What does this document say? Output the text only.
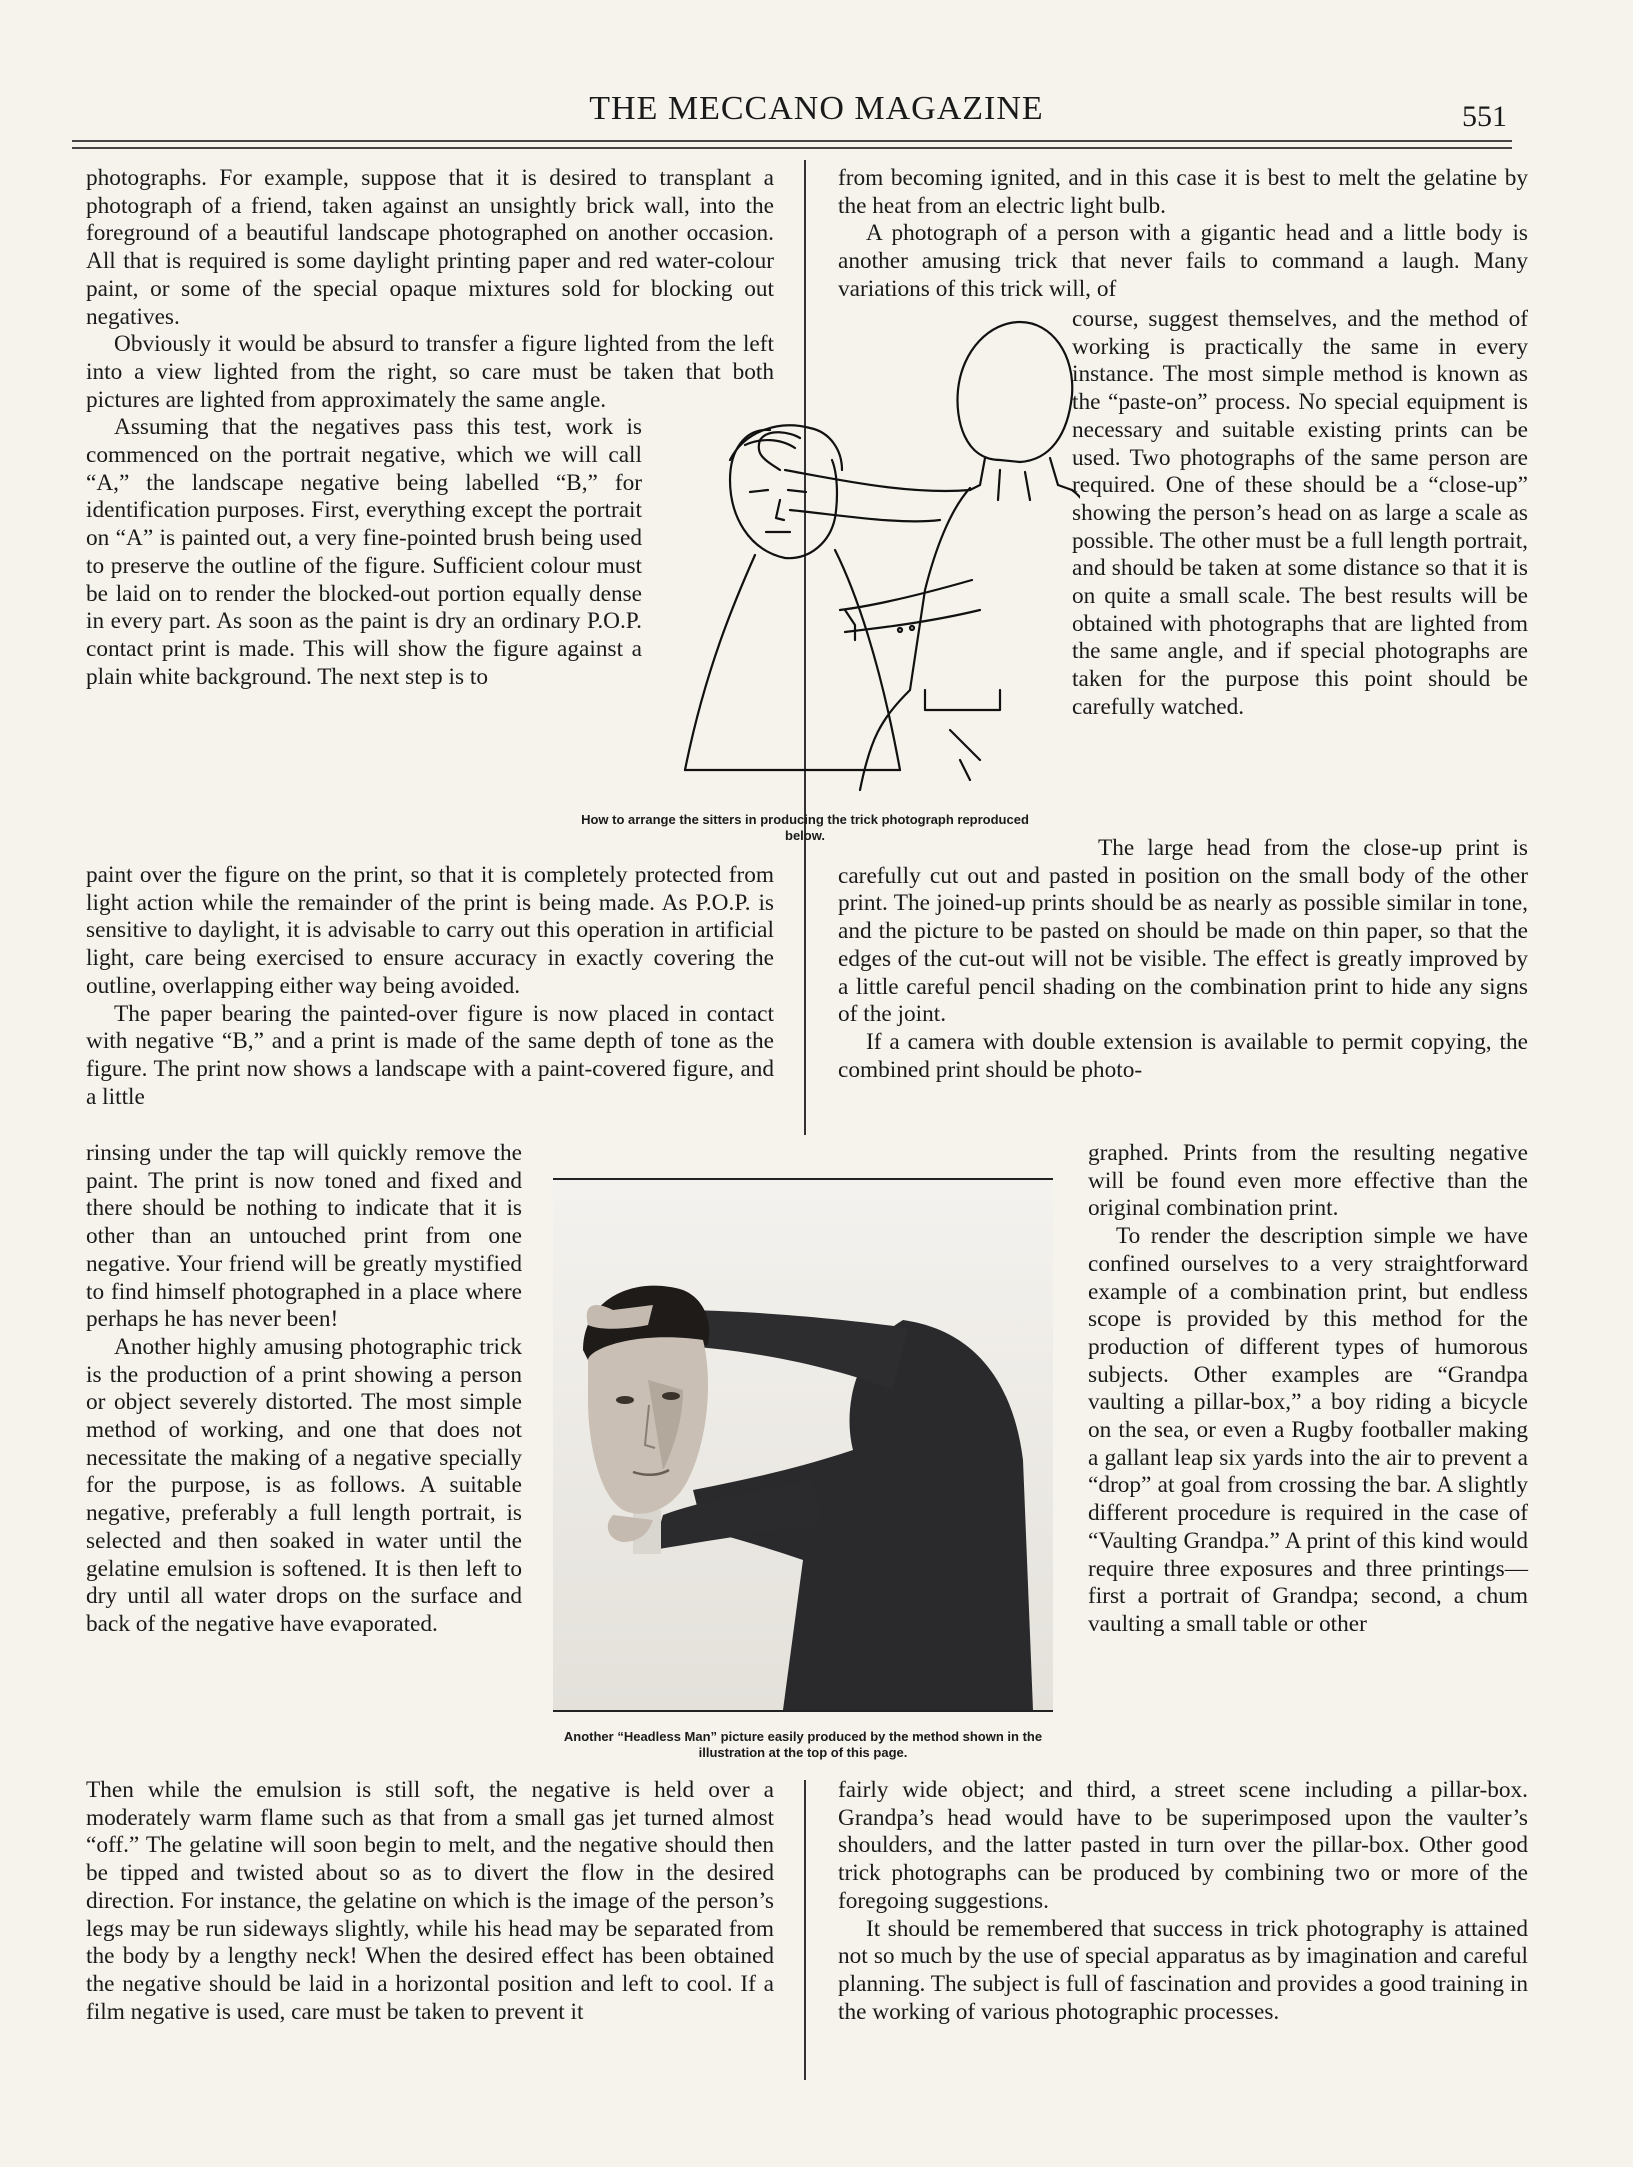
THE MECCANO MAGAZINE	551

photographs. For example, suppose that it is desired to transplant a photograph of a friend, taken against an unsightly brick wall, into the foreground of a beautiful landscape photographed on another occasion. All that is required is some daylight printing paper and red water-colour paint, or some of the special opaque mixtures sold for blocking out negatives.

Obviously it would be absurd to transfer a figure lighted from the left into a view lighted from the right, so care must be taken that both pictures are lighted from approximately the same angle.

Assuming that the negatives pass this test, work is commenced on the portrait negative, which we will call “A,” the landscape negative being labelled “B,” for identification purposes. First, everything except the portrait on “A” is painted out, a very fine-pointed brush being used to preserve the outline of the figure. Sufficient colour must be laid on to render the blocked-out portion equally dense in every part. As soon as the paint is dry an ordinary P.O.P. contact print is made. This will show the figure against a plain white background. The next step is to

paint over the figure on the print, so that it is completely protected from light action while the remainder of the print is being made. As P.O.P. is sensitive to daylight, it is advisable to carry out this operation in artificial light, care being exercised to ensure accuracy in exactly covering the outline, overlapping either way being avoided.

The paper bearing the painted-over figure is now placed in contact with negative “B,” and a print is made of the same depth of tone as the figure. The print now shows a landscape with a paint-covered figure, and a little

rinsing under the tap will quickly remove the paint. The print is now toned and fixed and there should be nothing to indicate that it is other than an untouched print from one negative. Your friend will be greatly mystified to find himself photographed in a place where perhaps he has never been!

Another highly amusing photographic trick is the production of a print showing a person or object severely distorted. The most simple method of working, and one that does not necessitate the making of a negative specially for the purpose, is as follows. A suitable negative, preferably a full length portrait, is selected and then soaked in water until the gelatine emulsion is softened. It is then left to dry until all water drops on the surface and back of the negative have evaporated.

Then while the emulsion is still soft, the negative is held over a moderately warm flame such as that from a small gas jet turned almost “off.” The gelatine will soon begin to melt, and the negative should then be tipped and twisted about so as to divert the flow in the desired direction. For instance, the gelatine on which is the image of the person’s legs may be run sideways slightly, while his head may be separated from the body by a lengthy neck! When the desired effect has been obtained the negative should be laid in a horizontal position and left to cool. If a film negative is used, care must be taken to prevent it

from becoming ignited, and in this case it is best to melt the gelatine by the heat from an electric light bulb.

A photograph of a person with a gigantic head and a little body is another amusing trick that never fails to command a laugh. Many variations of this trick will, of

course, suggest themselves, and the method of working is practically the same in every instance. The most simple method is known as the “paste-on” process. No special equipment is necessary and suitable existing prints can be used. Two photographs of the same person are required. One of these should be a “close-up” showing the person’s head on as large a scale as possible. The other must be a full length portrait, and should be taken at some distance so that it is on quite a small scale. The best results will be obtained with photographs that are lighted from the same angle, and if special photographs are taken for the purpose this point should be carefully watched.

The large head from the close-up print is carefully cut out and pasted in position on the small body of the other print. The joined-up prints should be as nearly as possible similar in tone, and the picture to be pasted on should be made on thin paper, so that the edges of the cut-out will not be visible. The effect is greatly improved by a little careful pencil shading on the combination print to hide any signs of the joint.

If a camera with double extension is available to permit copying, the combined print should be photo-

graphed. Prints from the resulting negative will be found even more effective than the original combination print.

To render the description simple we have confined ourselves to a very straightforward example of a combination print, but endless scope is provided by this method for the production of different types of humorous subjects. Other examples are “Grandpa vaulting a pillar-box,” a boy riding a bicycle on the sea, or even a Rugby footballer making a gallant leap six yards into the air to prevent a “drop” at goal from crossing the bar. A slightly different procedure is required in the case of “Vaulting Grandpa.” A print of this kind would require three exposures and three printings—first a portrait of Grandpa; second, a chum vaulting a small table or other

fairly wide object; and third, a street scene including a pillar-box. Grandpa’s head would have to be superimposed upon the vaulter’s shoulders, and the latter pasted in turn over the pillar-box. Other good trick photographs can be produced by combining two or more of the foregoing suggestions.

It should be remembered that success in trick photography is attained not so much by the use of special apparatus as by imagination and careful planning. The subject is full of fascination and provides a good training in the working of various photographic processes.

How to arrange the sitters in producing the trick photograph reproduced below.
Another “Headless Man” picture easily produced by the method shown in the illustration at the top of this page.
